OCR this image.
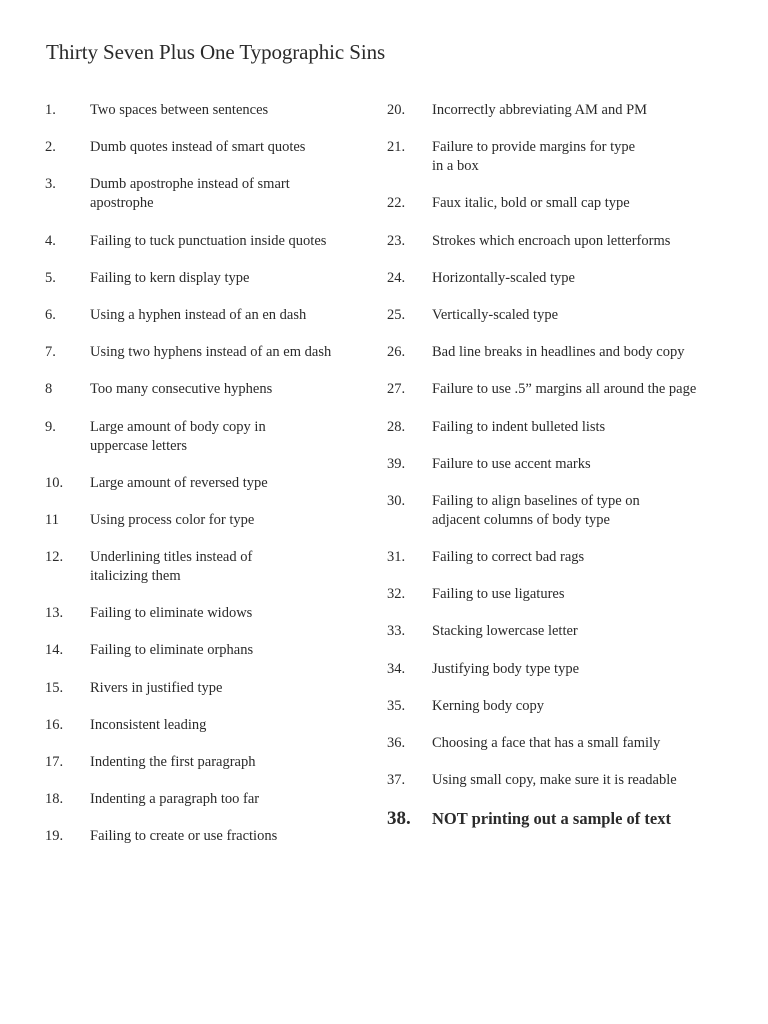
Thirty Seven Plus One Typographic Sins
1. Two spaces between sentences
2. Dumb quotes instead of smart quotes
3. Dumb apostrophe instead of smart
apostrophe
4. Failing to tuck punctuation inside quotes
5. Failing to kern display type
6. Using a hyphen instead of an en dash
7. Using two hyphens instead of an em dash
8	Too many consecutive hyphens
9. Large amount of body copy in
uppercase letters
10. Large amount of reversed type
11 Using process color for type
12. Underlining titles instead of
italicizing them
13. Failing to eliminate widows
14. Failing to eliminate orphans
15. Rivers in justified type
16. Inconsistent leading
17. Indenting the first paragraph
18. Indenting a paragraph too far
19. Failing to create or use fractions
20. Incorrectly abbreviating AM and PM
21. Failure to provide margins for type
in a box
22. Faux italic, bold or small cap type
23. Strokes which encroach upon letterforms
24. Horizontally-scaled type
25. Vertically-scaled type
26. Bad line breaks in headlines and body copy
27. Failure to use .5” margins all around the page
28. Failing to indent bulleted lists
39. Failure to use accent marks
30. Failing to align baselines of type on
adjacent columns of body type
31. Failing to correct bad rags
32. Failing to use ligatures
33. Stacking lowercase letter
34. Justifying body type type
35. Kerning body copy
36. Choosing a face that has a small family
37. Using small copy, make sure it is readable
38. NOT printing out a sample of text
